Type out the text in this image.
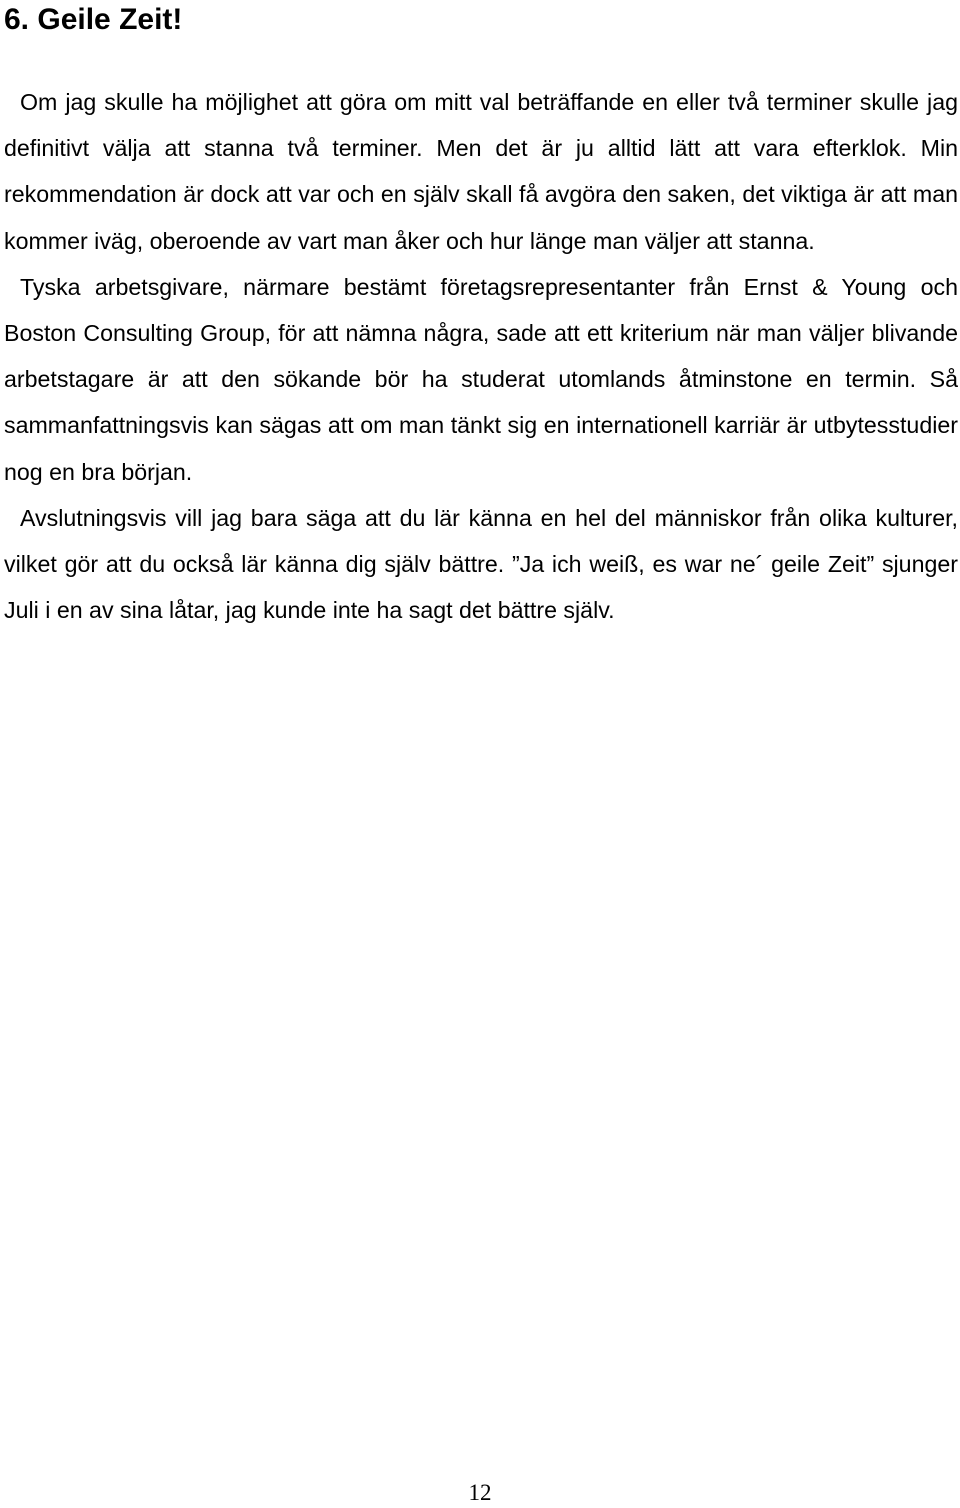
6. Geile Zeit!

Om jag skulle ha möjlighet att göra om mitt val beträffande en eller två terminer skulle jag definitivt välja att stanna två terminer. Men det är ju alltid lätt att vara efterklok. Min rekommendation är dock att var och en själv skall få avgöra den saken, det viktiga är att man kommer iväg, oberoende av vart man åker och hur länge man väljer att stanna.

Tyska arbetsgivare, närmare bestämt företagsrepresentanter från Ernst & Young och Boston Consulting Group, för att nämna några, sade att ett kriterium när man väljer blivande arbetstagare är att den sökande bör ha studerat utomlands åtminstone en termin. Så sammanfattningsvis kan sägas att om man tänkt sig en internationell karriär är utbytesstudier nog en bra början.

Avslutningsvis vill jag bara säga att du lär känna en hel del människor från olika kulturer, vilket gör att du också lär känna dig själv bättre. ”Ja ich weiß, es war ne´ geile Zeit” sjunger Juli i en av sina låtar, jag kunde inte ha sagt det bättre själv.

12
